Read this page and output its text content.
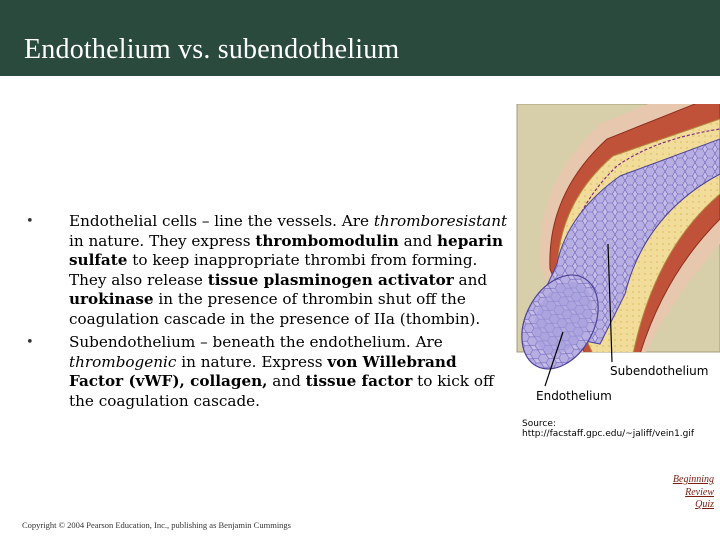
Endothelium vs. subendothelium
• Endothelial cells – line the vessels. Are thromboresistant in nature. They express thrombomodulin and heparin sulfate to keep inappropriate thrombi from forming. They also release tissue plasminogen activator and urokinase in the presence of thrombin shut off the coagulation cascade in the presence of IIa (thombin).

• Subendothelium – beneath the endothelium. Are thrombogenic in nature. Express von Willebrand Factor (vWF), collagen, and tissue factor to kick off the coagulation cascade.

Subendothelium
Endothelium
Source: http://facstaff.gpc.edu/~jaliff/vein1.gif
Copyright © 2004 Pearson Education, Inc., publishing as Benjamin Cummings
Beginning
Review
Quiz
